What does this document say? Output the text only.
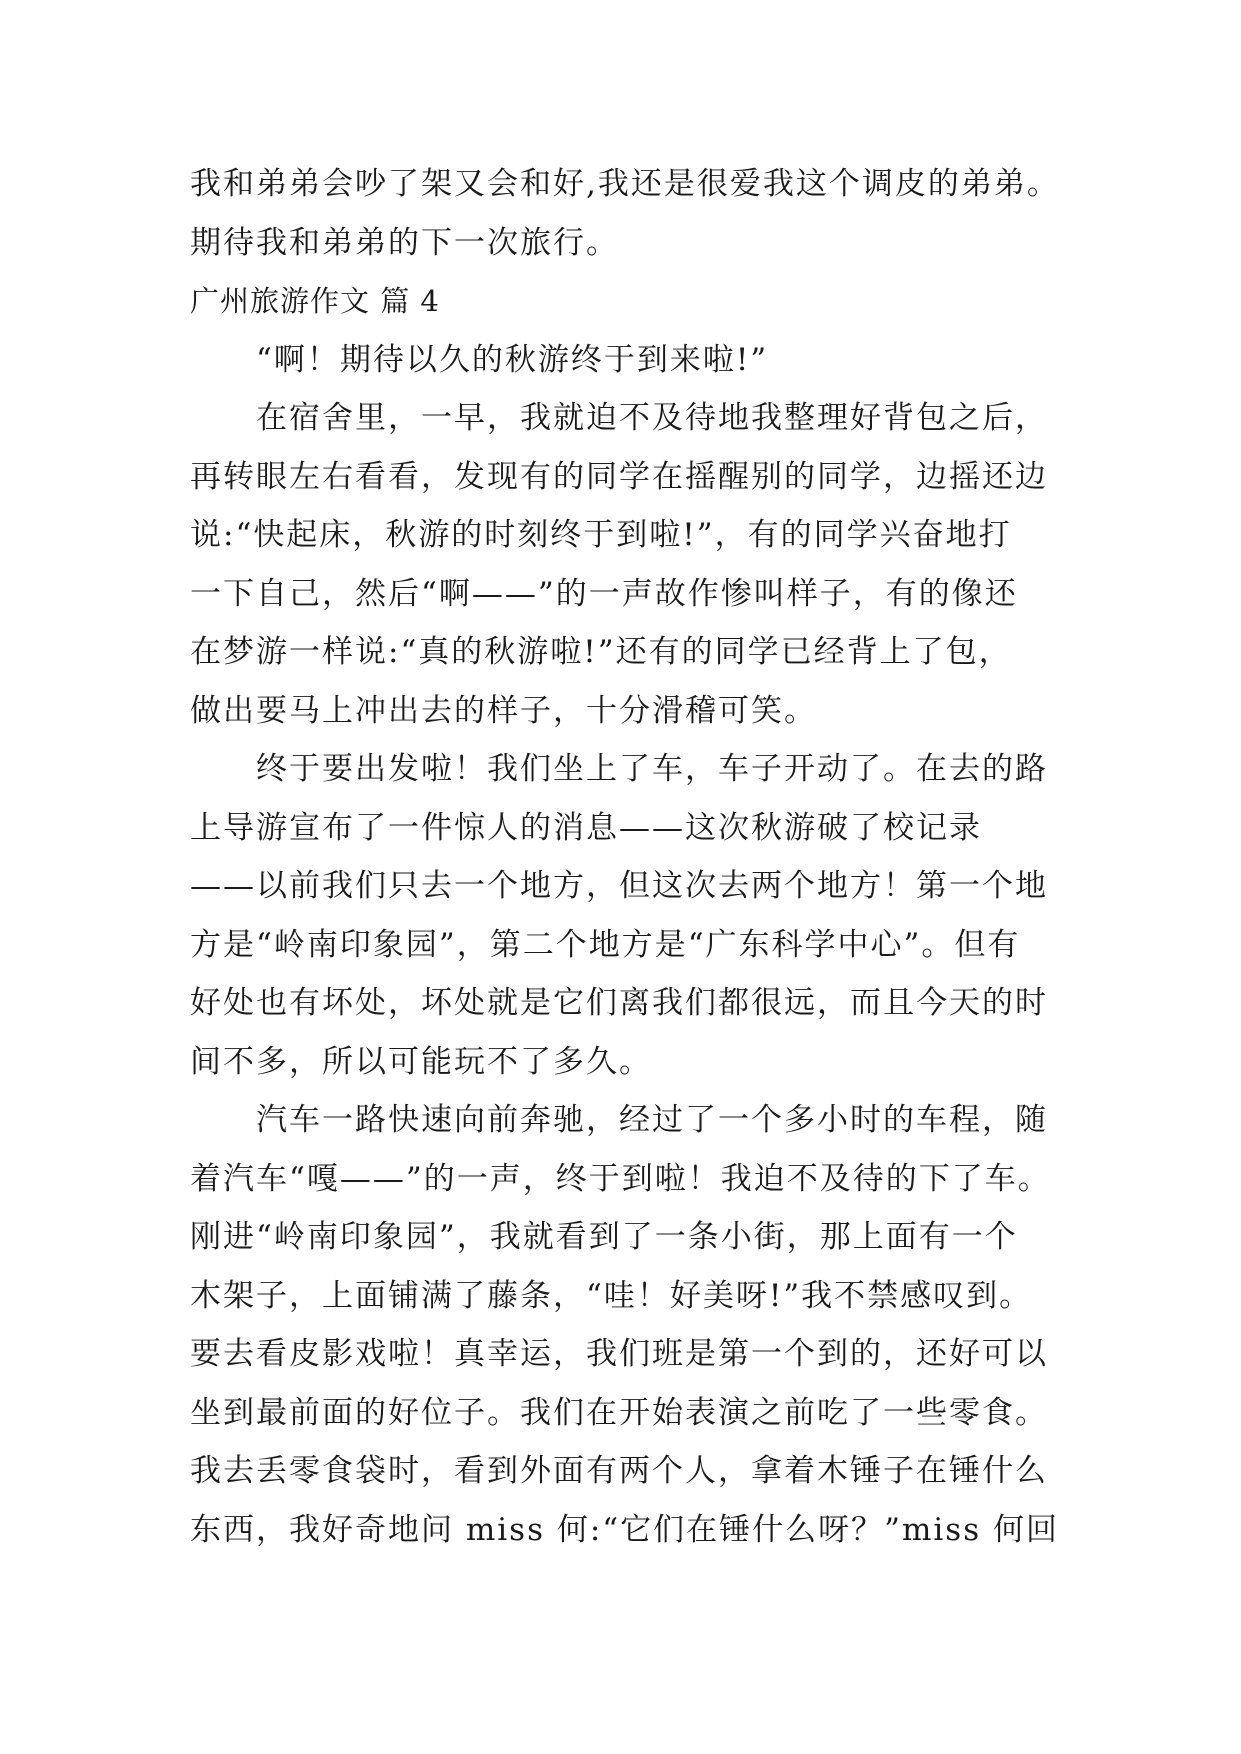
我和弟弟会吵了架又会和好,我还是很爱我这个调皮的弟弟。
期待我和弟弟的下一次旅行。
广州旅游作文 篇 4
“啊！期待以久的秋游终于到来啦!”
在宿舍里，一早，我就迫不及待地我整理好背包之后，
再转眼左右看看，发现有的同学在摇醒别的同学，边摇还边
说:“快起床，秋游的时刻终于到啦!”，有的同学兴奋地打
一下自己，然后“啊——”的一声故作惨叫样子，有的像还
在梦游一样说:“真的秋游啦!”还有的同学已经背上了包，
做出要马上冲出去的样子，十分滑稽可笑。
终于要出发啦！我们坐上了车，车子开动了。在去的路
上导游宣布了一件惊人的消息——这次秋游破了校记录
——以前我们只去一个地方，但这次去两个地方！第一个地
方是“岭南印象园”，第二个地方是“广东科学中心”。但有
好处也有坏处，坏处就是它们离我们都很远，而且今天的时
间不多，所以可能玩不了多久。
汽车一路快速向前奔驰，经过了一个多小时的车程，随
着汽车“嘎——”的一声，终于到啦！我迫不及待的下了车。
刚进“岭南印象园”，我就看到了一条小街，那上面有一个
木架子，上面铺满了藤条，“哇！好美呀!”我不禁感叹到。
要去看皮影戏啦！真幸运，我们班是第一个到的，还好可以
坐到最前面的好位子。我们在开始表演之前吃了一些零食。
我去丢零食袋时，看到外面有两个人，拿着木锤子在锤什么
东西，我好奇地问 miss 何:“它们在锤什么呀？”miss 何回
